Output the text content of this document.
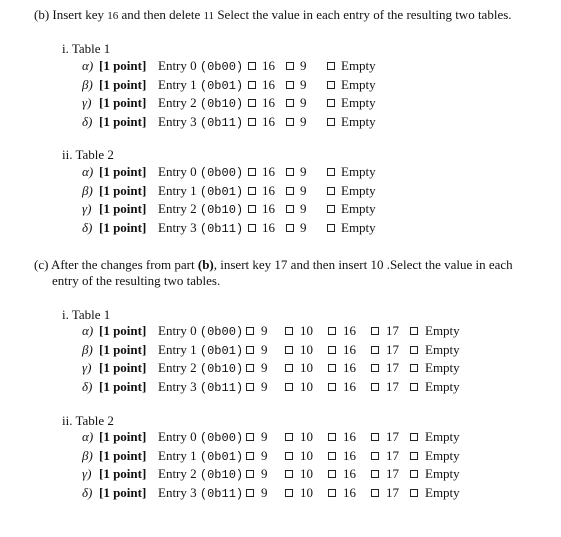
(b) Insert key 16 and then delete 11 Select the value in each entry of the resulting two tables.
i. Table 1
α) [1 point] Entry 0 (0b00) 16 9	Empty
β) [1 point] Entry 1 (0b01) 16 9	Empty
γ) [1 point] Entry 2 (0b10) 16 9	Empty
δ) [1 point] Entry 3 (0b11) 16 9	Empty
ii. Table 2
α) [1 point] Entry 0 (0b00) 16 9	Empty
β) [1 point] Entry 1 (0b01) 16 9	Empty
γ) [1 point] Entry 2 (0b10) 16 9	Empty
δ) [1 point] Entry 3 (0b11) 16 9	Empty
(c) After the changes from part (b), insert key 17 and then insert 10 .Select the value in each
entry of the resulting two tables.
i. Table 1
α) [1 point] Entry 0 (0b00) 9	10 16 17 Empty
β) [1 point] Entry 1 (0b01) 9	10 16 17 Empty
γ) [1 point] Entry 2 (0b10) 9	10 16 17 Empty
δ) [1 point] Entry 3 (0b11) 9	10 16 17 Empty
ii. Table 2
α) [1 point] Entry 0 (0b00) 9	10 16 17 Empty
β) [1 point] Entry 1 (0b01) 9	10 16 17 Empty
γ) [1 point] Entry 2 (0b10) 9	10 16 17 Empty
δ) [1 point] Entry 3 (0b11) 9	10 16 17 Empty
